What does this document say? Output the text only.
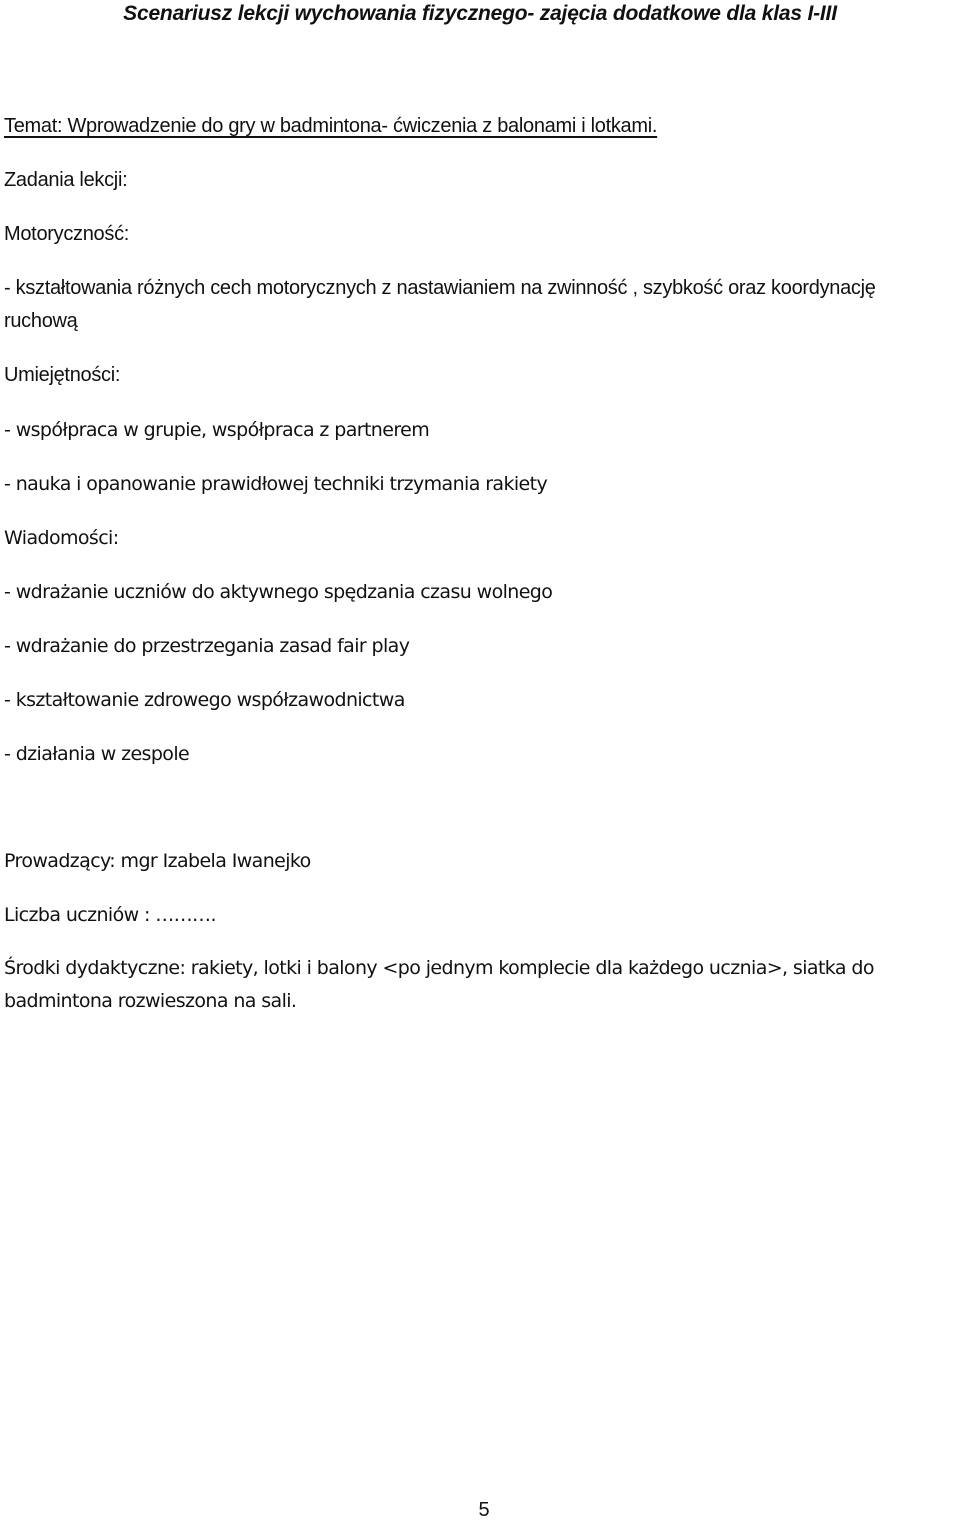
Scenariusz lekcji wychowania fizycznego- zajęcia dodatkowe dla klas I-III
Temat: Wprowadzenie do gry w badmintona- ćwiczenia z balonami i lotkami.
Zadania lekcji:
Motoryczność:
- kształtowania różnych cech motorycznych z nastawianiem na zwinność , szybkość oraz koordynację
ruchową
Umiejętności:
- współpraca w grupie, współpraca z partnerem
- nauka i opanowanie prawidłowej techniki trzymania rakiety
Wiadomości:
- wdrażanie uczniów do aktywnego spędzania czasu wolnego
- wdrażanie do przestrzegania zasad fair play
- kształtowanie zdrowego współzawodnictwa
- działania w zespole
Prowadzący: mgr Izabela Iwanejko
Liczba uczniów : ……….
Środki dydaktyczne: rakiety, lotki i balony <po jednym komplecie dla każdego ucznia>, siatka do badmintona rozwieszona na sali.
5
